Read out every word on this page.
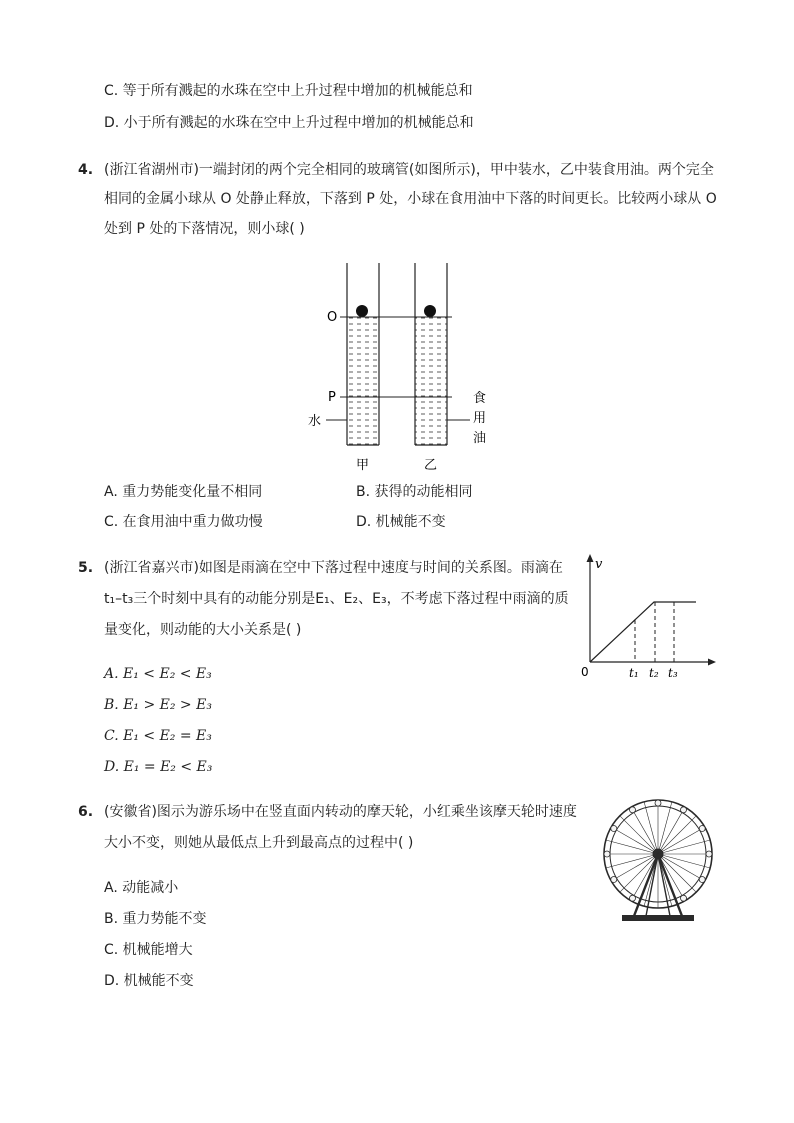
C. 等于所有溅起的水珠在空中上升过程中增加的机械能总和
D. 小于所有溅起的水珠在空中上升过程中增加的机械能总和
4. (浙江省湖州市)一端封闭的两个完全相同的玻璃管(如图所示)，甲中装水，乙中装食用油。两个完全
相同的金属小球从 O 处静止释放，下落到 P 处，小球在食用油中下落的时间更长。比较两小球从 O
处到 P 处的下落情况，则小球( )
O
P
水
食
用
油
甲	乙
A. 重力势能变化量不相同	B. 获得的动能相同
C. 在食用油中重力做功慢	D. 机械能不变
5. (浙江省嘉兴市)如图是雨滴在空中下落过程中速度与时间的关系图。雨滴在
t₁–t₃三个时刻中具有的动能分别是E₁、E₂、E₃，不考虑下落过程中雨滴的质
量变化，则动能的大小关系是( )
v
0	t₁ t₂ t₃
A. E₁ < E₂ < E₃
B. E₁ > E₂ > E₃
C. E₁ < E₂ = E₃
D. E₁ = E₂ < E₃
6. (安徽省)图示为游乐场中在竖直面内转动的摩天轮，小红乘坐该摩天轮时速度
大小不变，则她从最低点上升到最高点的过程中( )
A. 动能减小
B. 重力势能不变
C. 机械能增大
D. 机械能不变
